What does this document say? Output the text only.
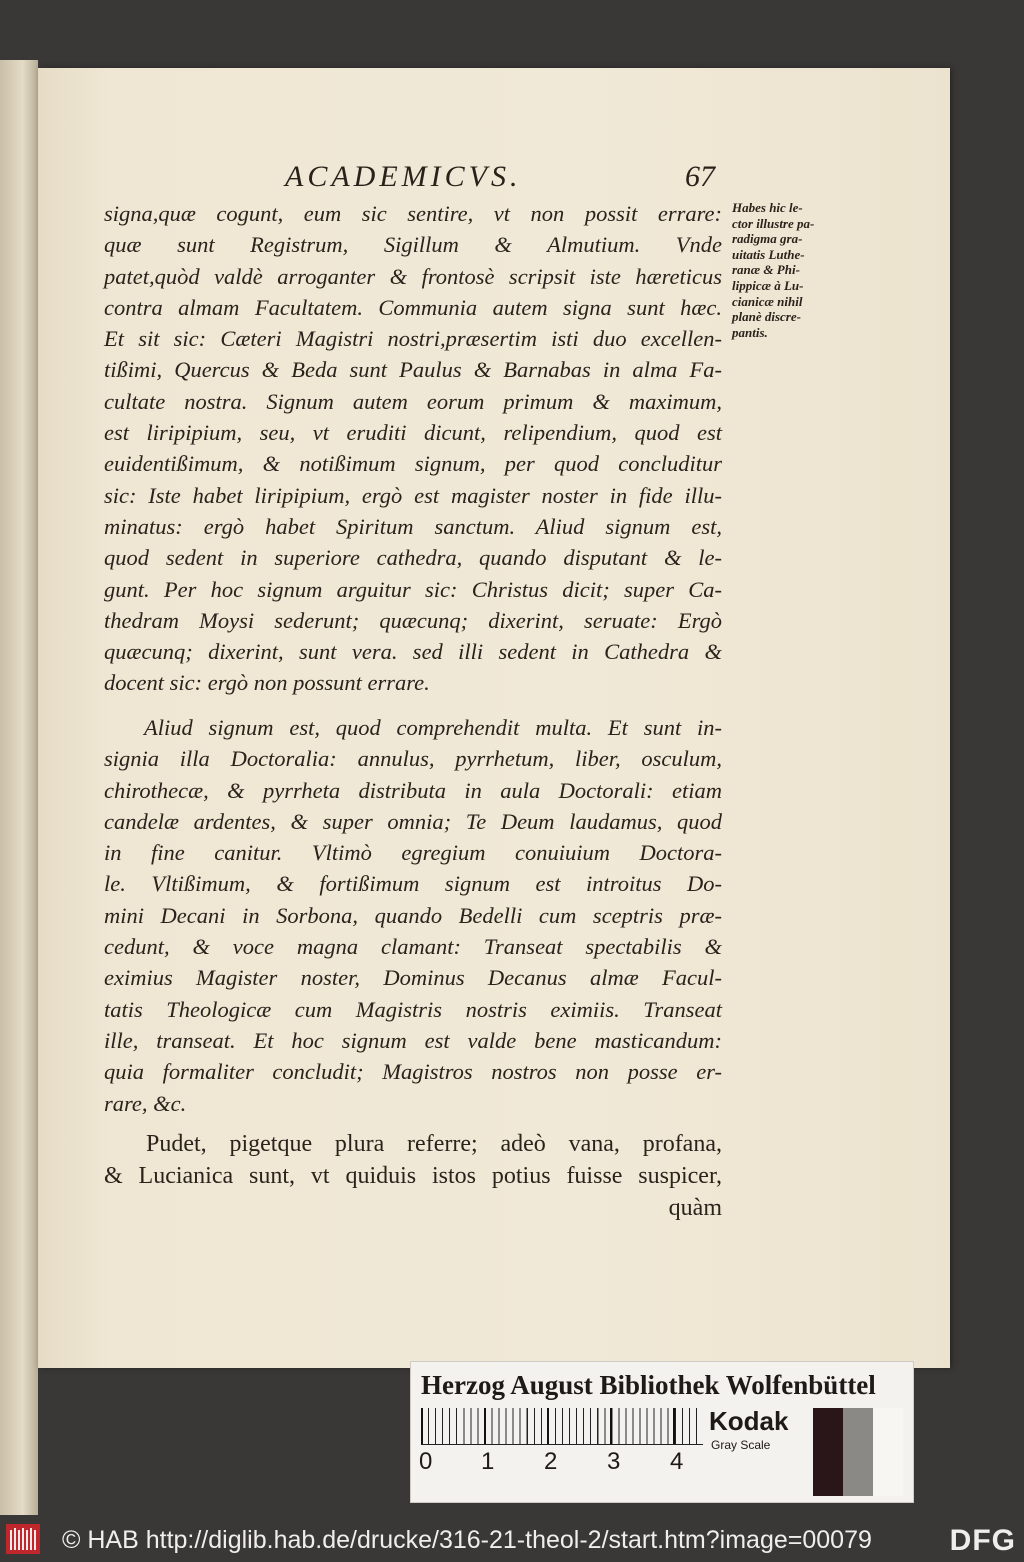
ACADEMICVS.	67
signa,quæ cogunt, eum sic sentire, vt non possit errare:
quæ sunt Registrum, Sigillum & Almutium. Vnde
patet,quòd valdè arroganter & frontosè scripsit iste hæreticus
contra almam Facultatem. Communia autem signa sunt hæc.
Et sit sic: Cæteri Magistri nostri,præsertim isti duo excellen-
tißimi, Quercus & Beda sunt Paulus & Barnabas in alma Fa-
cultate nostra. Signum autem eorum primum & maximum,
est liripipium, seu, vt eruditi dicunt, relipendium, quod est
euidentißimum, & notißimum signum, per quod concluditur
sic: Iste habet liripipium, ergò est magister noster in fide illu-
minatus: ergò habet Spiritum sanctum. Aliud signum est,
quod sedent in superiore cathedra, quando disputant & le-
gunt. Per hoc signum arguitur sic: Christus dicit; super Ca-
thedram Moysi sederunt; quæcunq; dixerint, seruate: Ergò
quæcunq; dixerint, sunt vera. sed illi sedent in Cathedra &
docent sic: ergò non possunt errare.
Aliud signum est, quod comprehendit multa. Et sunt in-
signia illa Doctoralia: annulus, pyrrhetum, liber, osculum,
chirothecæ, & pyrrheta distributa in aula Doctorali: etiam
candelæ ardentes, & super omnia; Te Deum laudamus, quod
in fine canitur. Vltimò egregium conuiuium Doctora-
le. Vltißimum, & fortißimum signum est introitus Do-
mini Decani in Sorbona, quando Bedelli cum sceptris præ-
cedunt, & voce magna clamant: Transeat spectabilis &
eximius Magister noster, Dominus Decanus almæ Facul-
tatis Theologicæ cum Magistris nostris eximiis. Transeat
ille, transeat. Et hoc signum est valde bene masticandum:
quia formaliter concludit; Magistros nostros non posse er-
rare, &c.
Pudet, pigetque plura referre; adeò vana, profana,
& Lucianica sunt, vt quiduis istos potius fuisse suspicer,
quàm
Habes hic le-
ctor illustre pa-
radigma gra-
uitatis Luthe-
ranæ & Phi-
lippicæ à Lu-
cianicæ nihil
planè discre-
pantis.
Herzog August Bibliothek Wolfenbüttel
0 1 2 3 4
Kodak
Gray Scale
© HAB http://diglib.hab.de/drucke/316-21-theol-2/start.htm?image=00079	DFG
